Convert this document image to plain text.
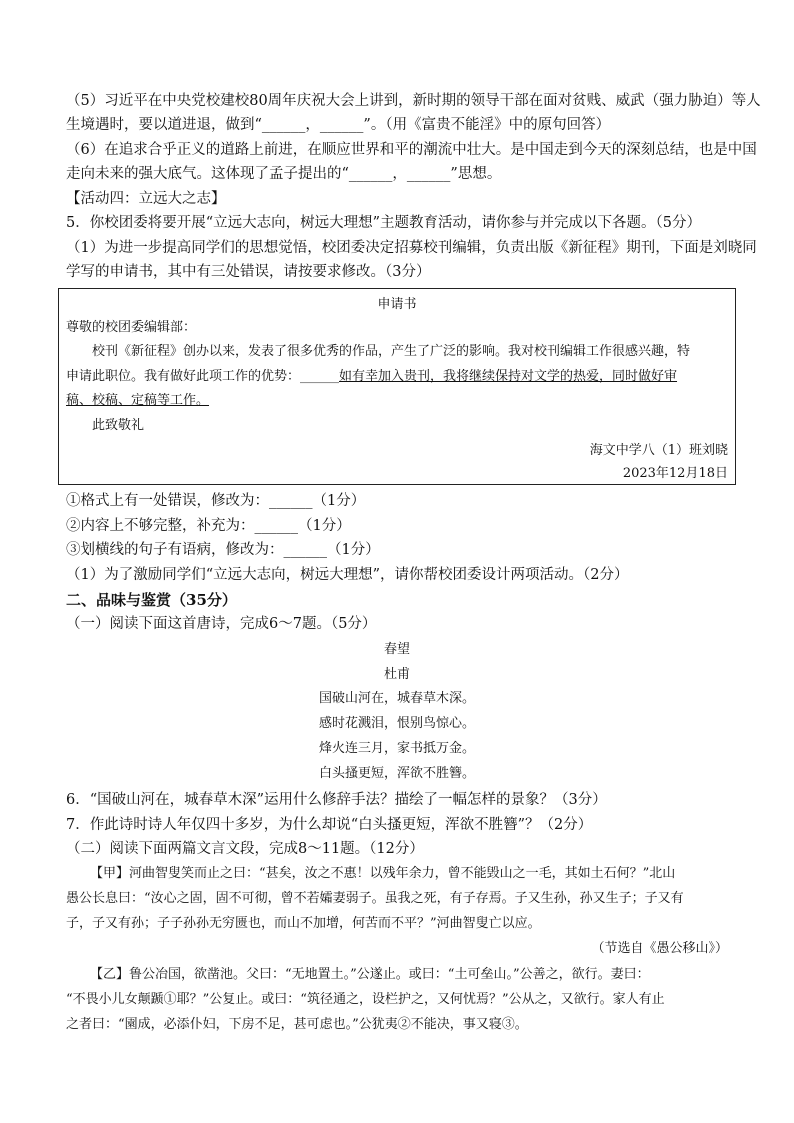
（5）习近平在中央党校建校80周年庆祝大会上讲到，新时期的领导干部在面对贫贱、威武（强力胁迫）等人
生境遇时，要以道进退，做到“______，______”。（用《富贵不能淫》中的原句回答）
（6）在追求合乎正义的道路上前进，在顺应世界和平的潮流中壮大。是中国走到今天的深刻总结，也是中国
走向未来的强大底气。这体现了孟子提出的“______，______”思想。
【活动四：立远大之志】
5．你校团委将要开展“立远大志向，树远大理想”主题教育活动，请你参与并完成以下各题。（5分）
（1）为进一步提高同学们的思想觉悟，校团委决定招募校刊编辑，负责出版《新征程》期刊，下面是刘晓同
学写的申请书，其中有三处错误，请按要求修改。（3分）
申请书
尊敬的校团委编辑部：
校刊《新征程》创办以来，发表了很多优秀的作品，产生了广泛的影响。我对校刊编辑工作很感兴趣，特
申请此职位。我有做好此项工作的优势：______如有幸加入贵刊，我将继续保持对文学的热爱，同时做好审
稿、校稿、定稿等工作。
此致敬礼
海文中学八（1）班刘晓
2023年12月18日
①格式上有一处错误，修改为：______（1分）
②内容上不够完整，补充为：______（1分）
③划横线的句子有语病，修改为：______（1分）
（1）为了激励同学们“立远大志向，树远大理想”，请你帮校团委设计两项活动。（2分）
二、品味与鉴赏（35分）
（一）阅读下面这首唐诗，完成6～7题。（5分）
春望
杜甫
国破山河在，城春草木深。
感时花溅泪，恨别鸟惊心。
烽火连三月，家书抵万金。
白头搔更短，浑欲不胜簪。
6．“国破山河在，城春草木深”运用什么修辞手法？描绘了一幅怎样的景象？（3分）
7．作此诗时诗人年仅四十多岁，为什么却说“白头搔更短，浑欲不胜簪”？（2分）
（二）阅读下面两篇文言文段，完成8～11题。（12分）
【甲】河曲智叟笑而止之曰：“甚矣，汝之不惠！以残年余力，曾不能毁山之一毛，其如土石何？”北山
愚公长息曰：“汝心之固，固不可彻，曾不若孀妻弱子。虽我之死，有子存焉。子又生孙，孙又生子；子又有
子，子又有孙；子子孙孙无穷匮也，而山不加增，何苦而不平？”河曲智叟亡以应。
（节选自《愚公移山》）
【乙】鲁公冶国，欲凿池。父曰：“无地置土。”公遂止。或曰：“土可垒山。”公善之，欲行。妻曰：
“不畏小儿女颠踬①耶？”公复止。或曰：“筑径通之，设栏护之，又何忧焉？”公从之，又欲行。家人有止
之者曰：“園成，必添仆妇，下房不足，甚可虑也。”公犹夷②不能决，事又寝③。
